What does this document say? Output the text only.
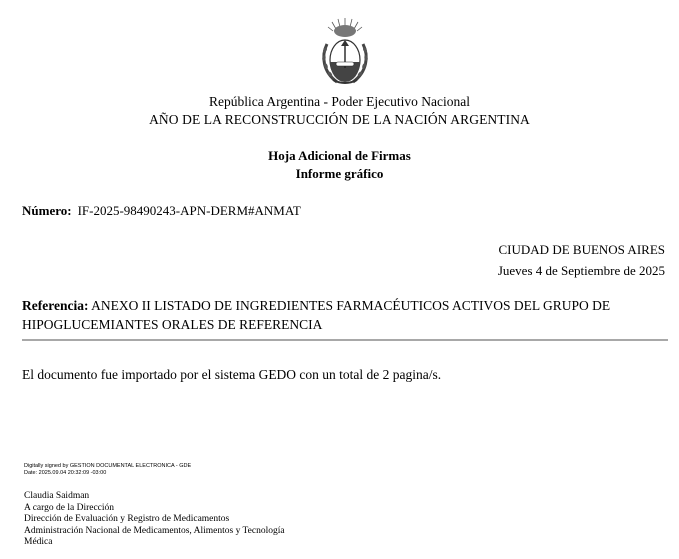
República Argentina - Poder Ejecutivo Nacional
AÑO DE LA RECONSTRUCCIÓN DE LA NACIÓN ARGENTINA
Hoja Adicional de Firmas
Informe gráfico
Número: IF-2025-98490243-APN-DERM#ANMAT
CIUDAD DE BUENOS AIRES
Jueves 4 de Septiembre de 2025
Referencia: ANEXO II LISTADO DE INGREDIENTES FARMACÉUTICOS ACTIVOS DEL GRUPO DE HIPOGLUCEMIANTES ORALES DE REFERENCIA
El documento fue importado por el sistema GEDO con un total de 2 pagina/s.
Digitally signed by GESTION DOCUMENTAL ELECTRONICA - GDE
Date: 2025.09.04 20:32:09 -03:00
Claudia Saidman
A cargo de la Dirección
Dirección de Evaluación y Registro de Medicamentos
Administración Nacional de Medicamentos, Alimentos y Tecnología
Médica
